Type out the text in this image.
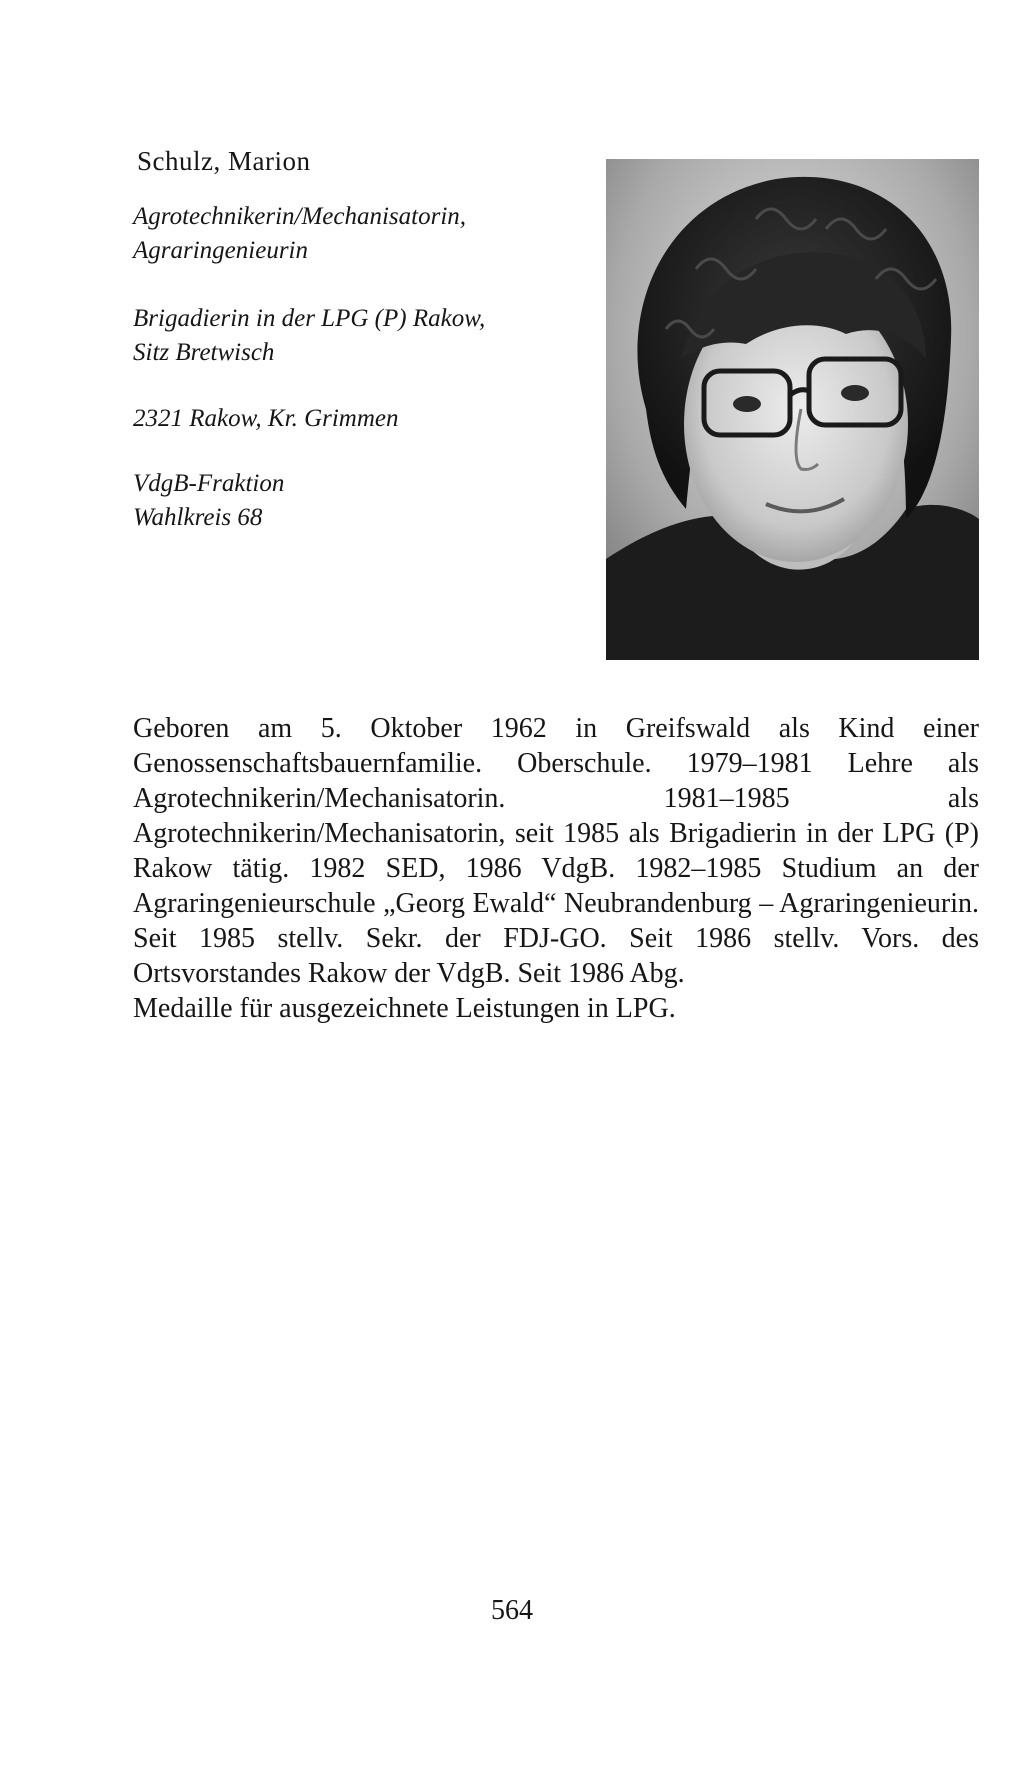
Schulz, Marion
Agrotechnikerin/Mechanisatorin,
Agraringenieurin
Brigadierin in der LPG (P) Rakow,
Sitz Bretwisch
2321 Rakow, Kr. Grimmen
VdgB-Fraktion
Wahlkreis 68

Geboren am 5. Oktober 1962 in Greifswald als Kind einer Genossenschaftsbauernfamilie. Oberschule. 1979–1981 Lehre als Agrotechnikerin/Mechanisatorin. 1981–1985 als Agrotechnikerin/Mechanisatorin, seit 1985 als Brigadierin in der LPG (P) Rakow tätig. 1982 SED, 1986 VdgB. 1982–1985 Studium an der Agraringenieurschule „Georg Ewald“ Neubrandenburg – Agraringenieurin. Seit 1985 stellv. Sekr. der FDJ-GO. Seit 1986 stellv. Vors. des Ortsvorstandes Rakow der VdgB. Seit 1986 Abg.

Medaille für ausgezeichnete Leistungen in LPG.

564
